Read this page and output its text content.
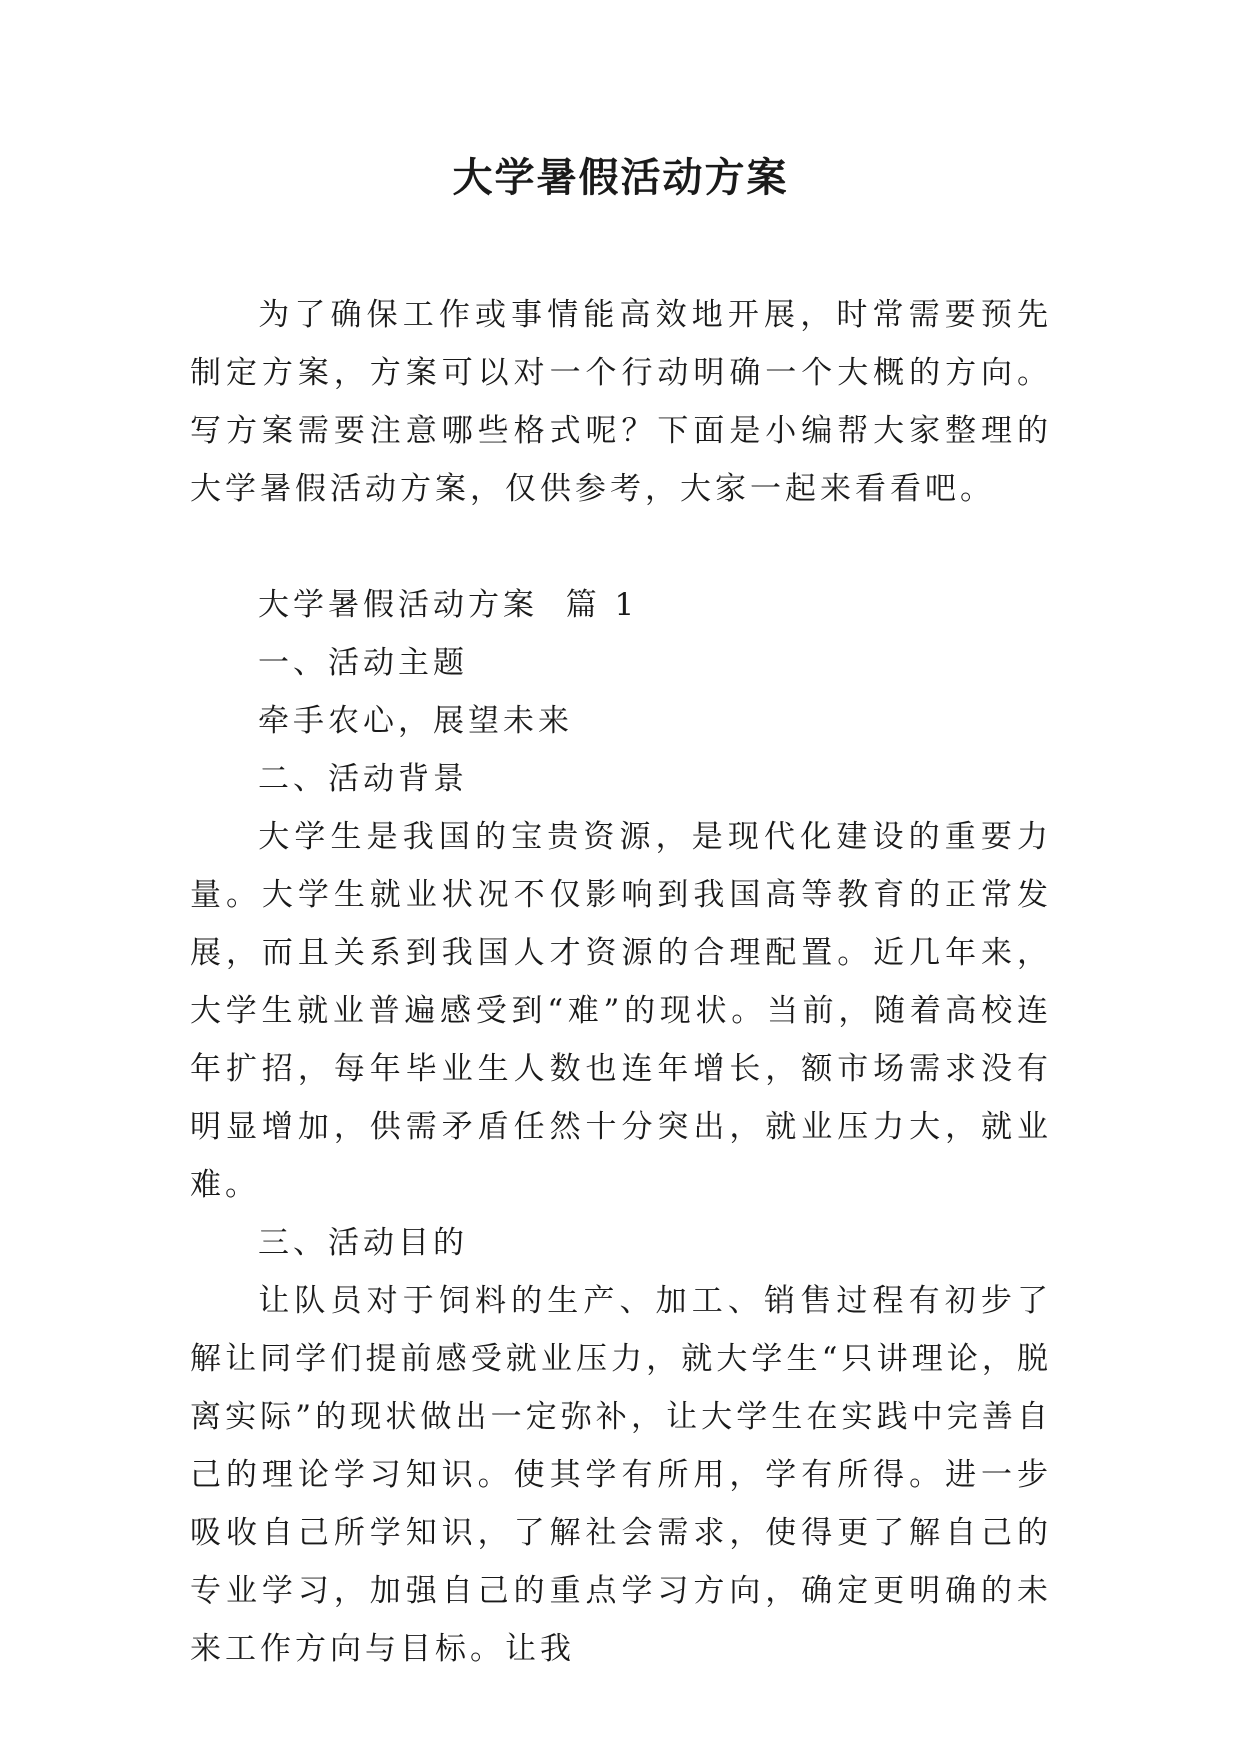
大学暑假活动方案

为了确保工作或事情能高效地开展，时常需要预先制定方案，方案可以对一个行动明确一个大概的方向。写方案需要注意哪些格式呢？下面是小编帮大家整理的大学暑假活动方案，仅供参考，大家一起来看看吧。

大学暑假活动方案  篇 1

一、活动主题

牵手农心，展望未来

二、活动背景

大学生是我国的宝贵资源，是现代化建设的重要力量。大学生就业状况不仅影响到我国高等教育的正常发展，而且关系到我国人才资源的合理配置。近几年来，大学生就业普遍感受到“难”的现状。当前，随着高校连年扩招，每年毕业生人数也连年增长，额市场需求没有明显增加，供需矛盾任然十分突出，就业压力大，就业难。

三、活动目的

让队员对于饲料的生产、加工、销售过程有初步了解让同学们提前感受就业压力，就大学生“只讲理论，脱离实际”的现状做出一定弥补，让大学生在实践中完善自己的理论学习知识。使其学有所用，学有所得。进一步吸收自己所学知识，了解社会需求，使得更了解自己的专业学习，加强自己的重点学习方向，确定更明确的未来工作方向与目标。让我
